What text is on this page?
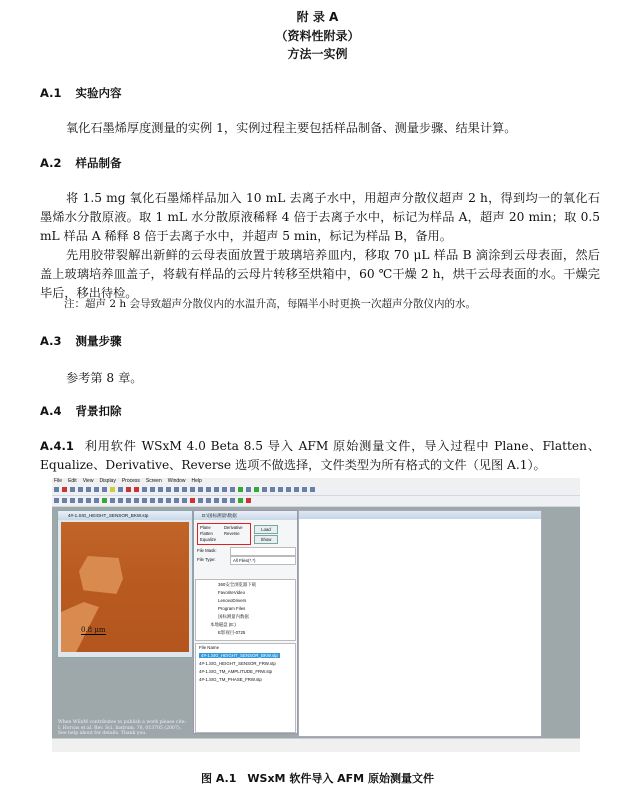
附 录 A
（资料性附录）
方法一实例
A.1 实验内容
氧化石墨烯厚度测量的实例 1，实例过程主要包括样品制备、测量步骤、结果计算。
A.2 样品制备
将 1.5 mg 氧化石墨烯样品加入 10 mL 去离子水中，用超声分散仪超声 2 h，得到均一的氧化石墨烯水分散原液。取 1 mL 水分散原液稀释 4 倍于去离子水中，标记为样品 A，超声 20 min；取 0.5 mL 样品 A 稀释 8 倍于去离子水中，并超声 5 min，标记为样品 B，备用。
先用胶带裂解出新鲜的云母表面放置于玻璃培养皿内，移取 70 μL 样品 B 滴涂到云母表面，然后盖上玻璃培养皿盖子，将载有样品的云母片转移至烘箱中，60 ℃干燥 2 h，烘干云母表面的水。干燥完毕后，移出待检。
注：超声 2 h 会导致超声分散仪内的水温升高，每隔半小时更换一次超声分散仪内的水。
A.3 测量步骤
参考第 8 章。
A.4 背景扣除
A.4.1 利用软件 WSxM 4.0 Beta 8.5 导入 AFM 原始测量文件，导入过程中 Plane、Flatten、Equalize、Derivative、Reverse 选项不做选择，文件类型为所有格式的文件（见图 A.1）。
File Edit View Display Process Screen Window Help
4#-1.SIG_HEIGHT_SENSOR_BKW.stp
0.8 μm
D:\国标测量\数据
Plane	Derivative
Flatten	Reverse
Equalize
Load
Show
File Mask:
File Type:	All Files(*.*)
360安全浏览器下载
FavoriteVideo
LenovoDrivers
Program Files
国标测量内数据
本地磁盘 (E:)
E影视目-0725
File Name
4#-1.SIG_HEIGHT_SENSOR_BKW.stp
4#-1.SIG_HEIGHT_SENSOR_FRW.stp
4#-1.SIG_TM_AMPLITUDE_FRW.stp
4#-1.SIG_TM_PHASE_FRW.stp
When WSxM contributes to publish a work please cite:
I. Horcas et al. Rev. Sci. Instrum. 78, 013705 (2007).
See help about for details. Thank you.
图 A.1　WSxM 软件导入 AFM 原始测量文件
